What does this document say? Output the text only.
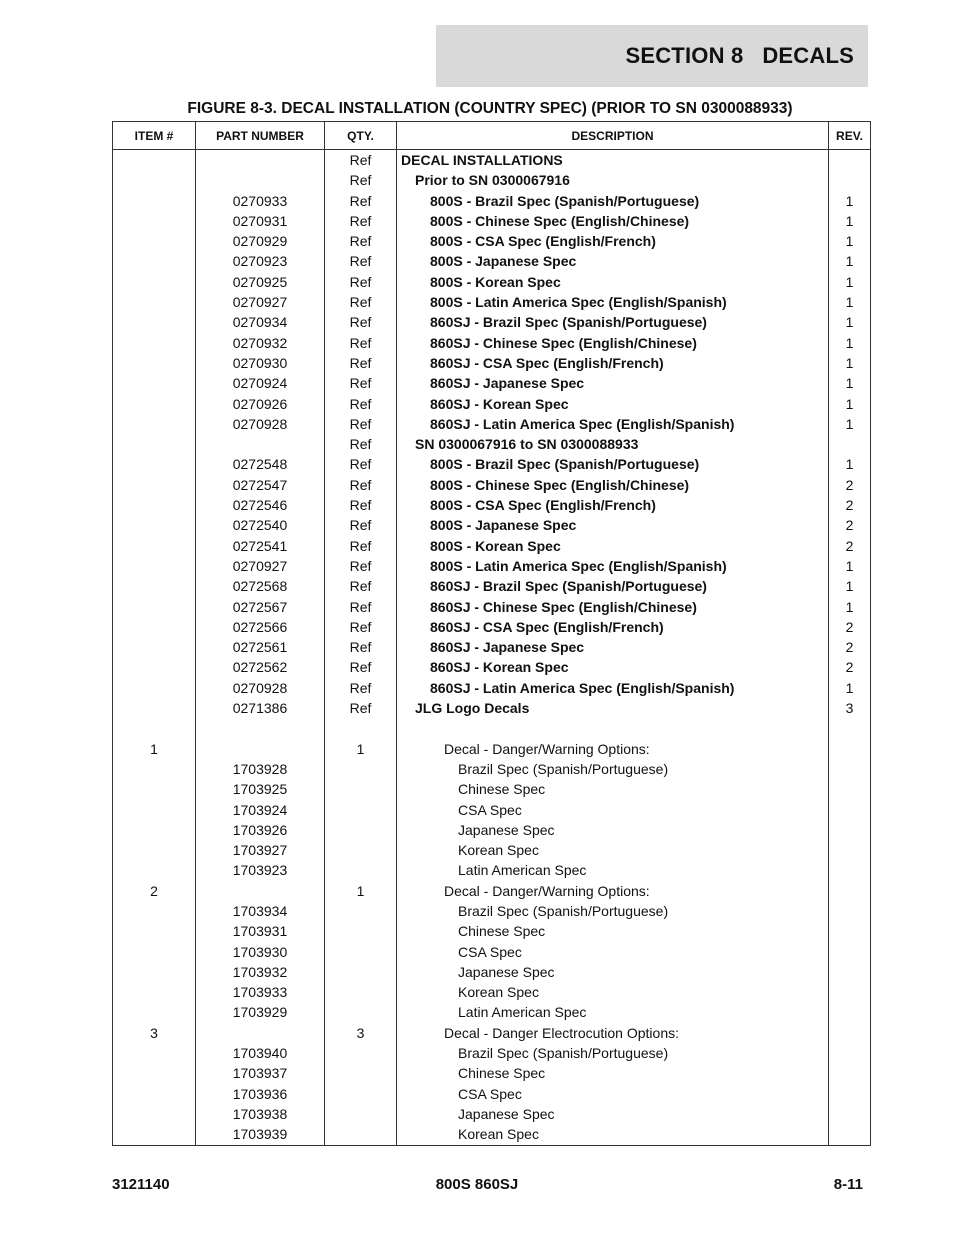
SECTION 8   DECALS
FIGURE 8-3. DECAL INSTALLATION (COUNTRY SPEC) (PRIOR TO SN 0300088933)
ITEM #	PART NUMBER	QTY.	DESCRIPTION	REV.
		Ref	DECAL INSTALLATIONS	
		Ref	Prior to SN 0300067916	
	0270933	Ref	800S - Brazil Spec (Spanish/Portuguese)	1
	0270931	Ref	800S - Chinese Spec (English/Chinese)	1
	0270929	Ref	800S - CSA Spec (English/French)	1
	0270923	Ref	800S - Japanese Spec	1
	0270925	Ref	800S - Korean Spec	1
	0270927	Ref	800S - Latin America Spec (English/Spanish)	1
	0270934	Ref	860SJ - Brazil Spec (Spanish/Portuguese)	1
	0270932	Ref	860SJ - Chinese Spec (English/Chinese)	1
	0270930	Ref	860SJ - CSA Spec (English/French)	1
	0270924	Ref	860SJ - Japanese Spec	1
	0270926	Ref	860SJ - Korean Spec	1
	0270928	Ref	860SJ - Latin America Spec (English/Spanish)	1
		Ref	SN 0300067916 to SN 0300088933	
	0272548	Ref	800S - Brazil Spec (Spanish/Portuguese)	1
	0272547	Ref	800S - Chinese Spec (English/Chinese)	2
	0272546	Ref	800S - CSA Spec (English/French)	2
	0272540	Ref	800S - Japanese Spec	2
	0272541	Ref	800S - Korean Spec	2
	0270927	Ref	800S - Latin America Spec (English/Spanish)	1
	0272568	Ref	860SJ - Brazil Spec (Spanish/Portuguese)	1
	0272567	Ref	860SJ - Chinese Spec (English/Chinese)	1
	0272566	Ref	860SJ - CSA Spec (English/French)	2
	0272561	Ref	860SJ - Japanese Spec	2
	0272562	Ref	860SJ - Korean Spec	2
	0270928	Ref	860SJ - Latin America Spec (English/Spanish)	1
	0271386	Ref	JLG Logo Decals	3

1		1	Decal - Danger/Warning Options:	
	1703928		Brazil Spec (Spanish/Portuguese)	
	1703925		Chinese Spec	
	1703924		CSA Spec	
	1703926		Japanese Spec	
	1703927		Korean Spec	
	1703923		Latin American Spec	
2		1	Decal - Danger/Warning Options:	
	1703934		Brazil Spec (Spanish/Portuguese)	
	1703931		Chinese Spec	
	1703930		CSA Spec	
	1703932		Japanese Spec	
	1703933		Korean Spec	
	1703929		Latin American Spec	
3		3	Decal - Danger Electrocution Options:	
	1703940		Brazil Spec (Spanish/Portuguese)	
	1703937		Chinese Spec	
	1703936		CSA Spec	
	1703938		Japanese Spec	
	1703939		Korean Spec	

3121140	800S 860SJ	8-11
